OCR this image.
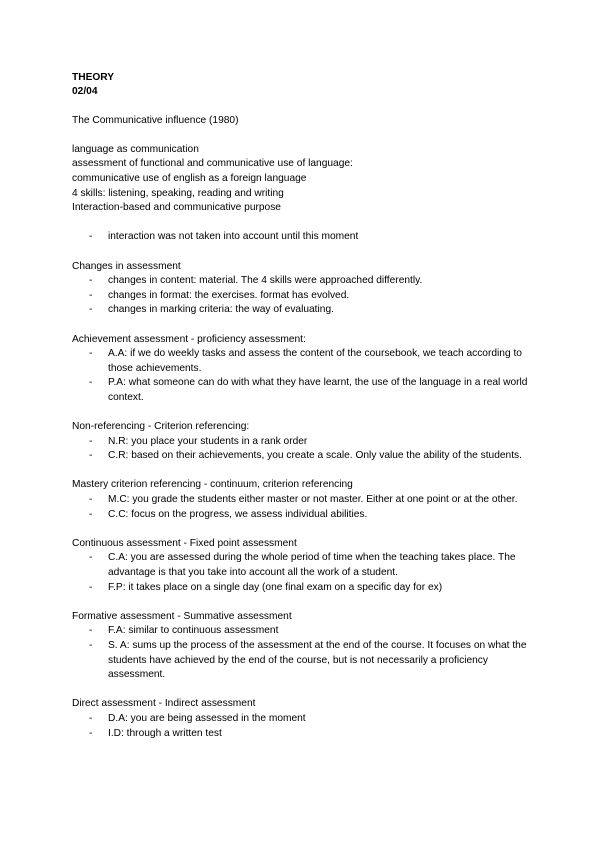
THEORY
02/04
The Communicative influence (1980)
language as communication
assessment of functional and communicative use of language:
communicative use of english as a foreign language
4 skills: listening, speaking, reading and writing
Interaction-based and communicative purpose
- interaction was not taken into account until this moment
Changes in assessment
- changes in content: material. The 4 skills were approached differently.
- changes in format: the exercises. format has evolved.
- changes in marking criteria: the way of evaluating.
Achievement assessment - proficiency assessment:
- A.A: if we do weekly tasks and assess the content of the coursebook, we teach according to those achievements.
- P.A: what someone can do with what they have learnt, the use of the language in a real world context.
Non-referencing - Criterion referencing:
- N.R: you place your students in a rank order
- C.R: based on their achievements, you create a scale. Only value the ability of the students.
Mastery criterion referencing - continuum, criterion referencing
- M.C: you grade the students either master or not master. Either at one point or at the other.
- C.C: focus on the progress, we assess individual abilities.
Continuous assessment - Fixed point assessment
- C.A: you are assessed during the whole period of time when the teaching takes place. The advantage is that you take into account all the work of a student.
- F.P: it takes place on a single day (one final exam on a specific day for ex)
Formative assessment - Summative assessment
- F.A: similar to continuous assessment
- S. A: sums up the process of the assessment at the end of the course. It focuses on what the students have achieved by the end of the course, but is not necessarily a proficiency assessment.
Direct assessment - Indirect assessment
- D.A: you are being assessed in the moment
- I.D: through a written test
